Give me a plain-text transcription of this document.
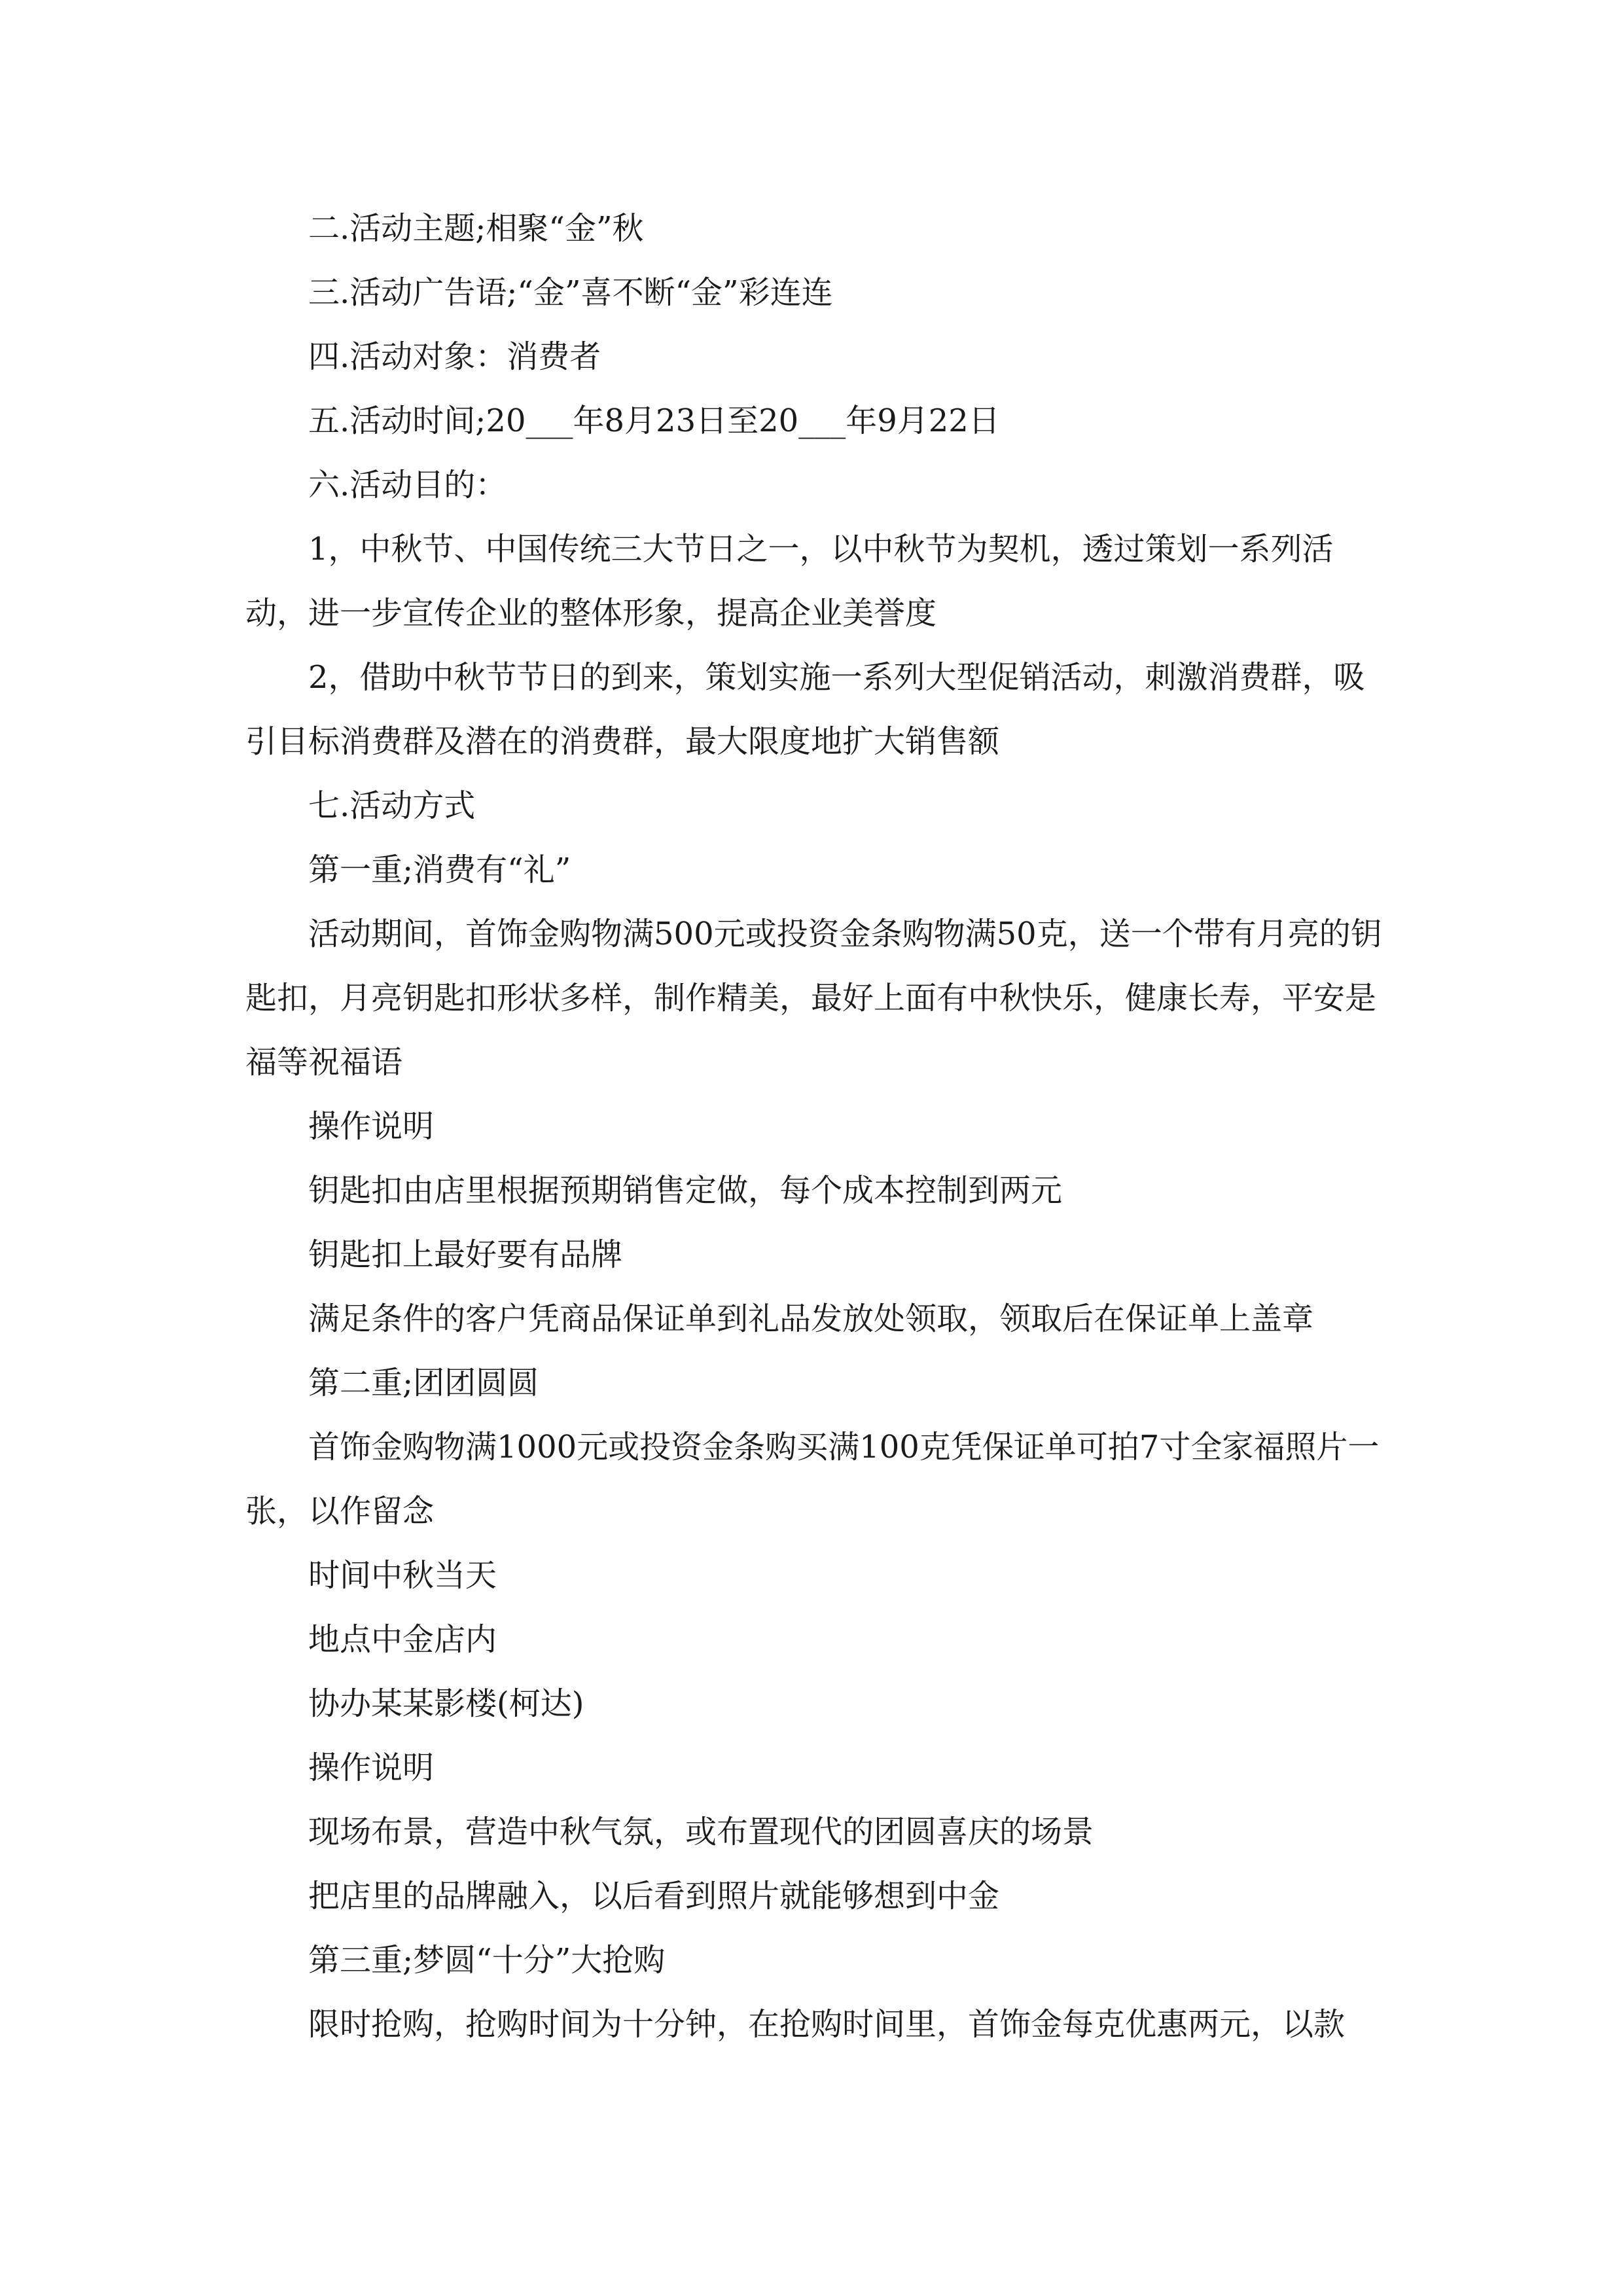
二.活动主题;相聚“金”秋

三.活动广告语;“金”喜不断“金”彩连连

四.活动对象：消费者

五.活动时间;20___年8月23日至20___年9月22日

六.活动目的：

1，中秋节、中国传统三大节日之一，以中秋节为契机，透过策划一系列活动，进一步宣传企业的整体形象，提高企业美誉度

2，借助中秋节节日的到来，策划实施一系列大型促销活动，刺激消费群，吸引目标消费群及潜在的消费群，最大限度地扩大销售额

七.活动方式

第一重;消费有“礼”

活动期间，首饰金购物满500元或投资金条购物满50克，送一个带有月亮的钥匙扣，月亮钥匙扣形状多样，制作精美，最好上面有中秋快乐，健康长寿，平安是福等祝福语

操作说明

钥匙扣由店里根据预期销售定做，每个成本控制到两元

钥匙扣上最好要有品牌

满足条件的客户凭商品保证单到礼品发放处领取，领取后在保证单上盖章

第二重;团团圆圆

首饰金购物满1000元或投资金条购买满100克凭保证单可拍7寸全家福照片一张，以作留念

时间中秋当天

地点中金店内

协办某某影楼(柯达)

操作说明

现场布景，营造中秋气氛，或布置现代的团圆喜庆的场景

把店里的品牌融入，以后看到照片就能够想到中金

第三重;梦圆“十分”大抢购

限时抢购，抢购时间为十分钟，在抢购时间里，首饰金每克优惠两元，以款
